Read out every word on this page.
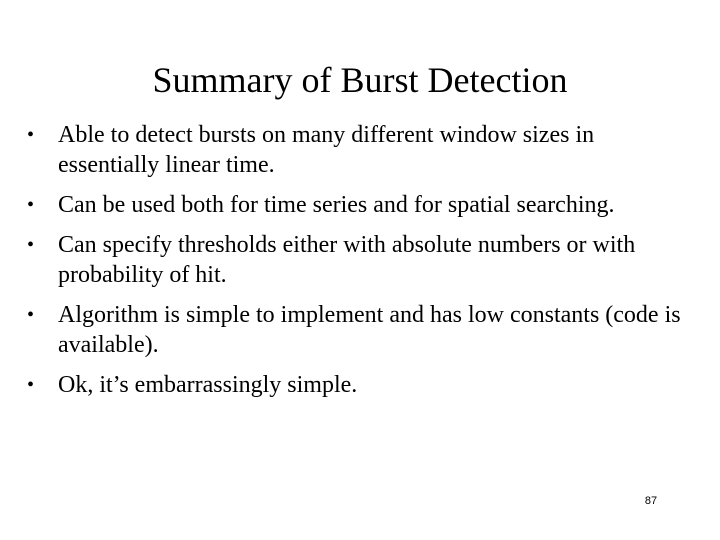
Summary of Burst Detection
• Able to detect bursts on many different window sizes in essentially linear time.
• Can be used both for time series and for spatial searching.
• Can specify thresholds either with absolute numbers or with probability of hit.
• Algorithm is simple to implement and has low constants (code is available).
• Ok, it’s embarrassingly simple.
87
